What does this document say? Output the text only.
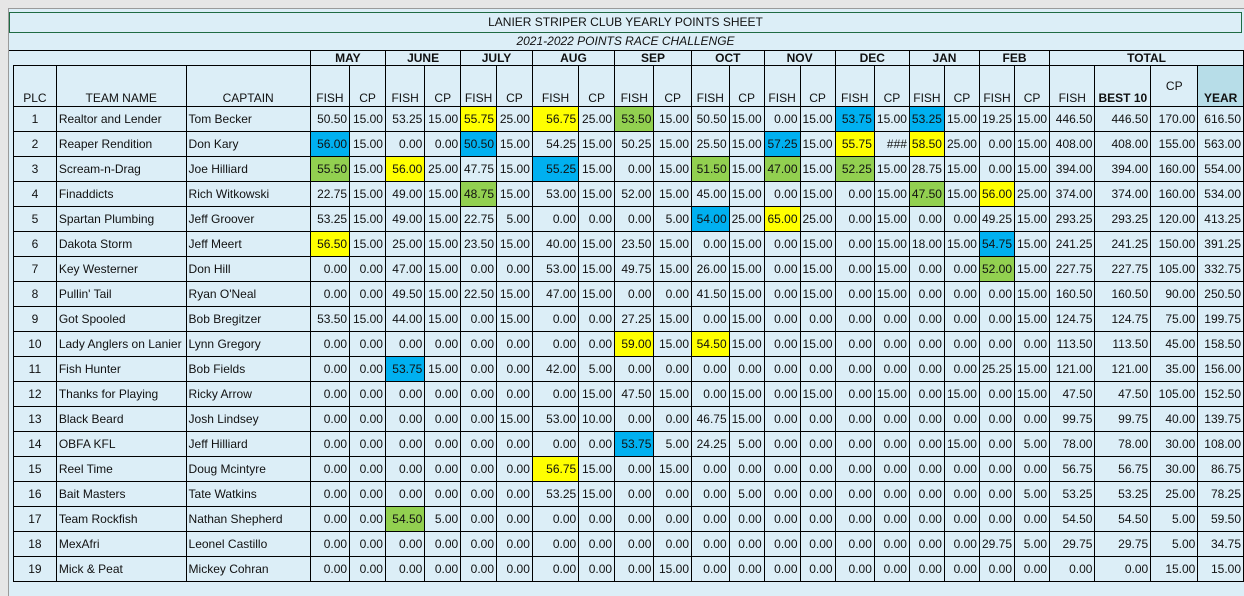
LANIER STRIPER CLUB YEARLY POINTS SHEET
2021-2022 POINTS RACE CHALLENGE
			MAY		JUNE		JULY		AUG		SEP		OCT		NOV		DEC		JAN		FEB		TOTAL			
PLC	TEAM NAME	CAPTAIN	FISH	CP	FISH	CP	FISH	CP	FISH	CP	FISH	CP	FISH	CP	FISH	CP	FISH	CP	FISH	CP	FISH	CP	FISH	BEST 10	CP	YEAR
1	Realtor and Lender	Tom Becker	50.50	15.00	53.25	15.00	55.75	25.00	56.75	25.00	53.50	15.00	50.50	15.00	0.00	15.00	53.75	15.00	53.25	15.00	19.25	15.00	446.50	446.50	170.00	616.50
2	Reaper Rendition	Don Kary	56.00	15.00	0.00	0.00	50.50	15.00	54.25	15.00	50.25	15.00	25.50	15.00	57.25	15.00	55.75	###	58.50	25.00	0.00	15.00	408.00	408.00	155.00	563.00
3	Scream-n-Drag	Joe Hilliard	55.50	15.00	56.00	25.00	47.75	15.00	55.25	15.00	0.00	15.00	51.50	15.00	47.00	15.00	52.25	15.00	28.75	15.00	0.00	15.00	394.00	394.00	160.00	554.00
4	Finaddicts	Rich Witkowski	22.75	15.00	49.00	15.00	48.75	15.00	53.00	15.00	52.00	15.00	45.00	15.00	0.00	15.00	0.00	15.00	47.50	15.00	56.00	25.00	374.00	374.00	160.00	534.00
5	Spartan Plumbing	Jeff Groover	53.25	15.00	49.00	15.00	22.75	5.00	0.00	0.00	0.00	5.00	54.00	25.00	65.00	25.00	0.00	15.00	0.00	0.00	49.25	15.00	293.25	293.25	120.00	413.25
6	Dakota Storm	Jeff Meert	56.50	15.00	25.00	15.00	23.50	15.00	40.00	15.00	23.50	15.00	0.00	15.00	0.00	15.00	0.00	15.00	18.00	15.00	54.75	15.00	241.25	241.25	150.00	391.25
7	Key Westerner	Don Hill	0.00	0.00	47.00	15.00	0.00	0.00	53.00	15.00	49.75	15.00	26.00	15.00	0.00	15.00	0.00	15.00	0.00	0.00	52.00	15.00	227.75	227.75	105.00	332.75
8	Pullin' Tail	Ryan O'Neal	0.00	0.00	49.50	15.00	22.50	15.00	47.00	15.00	0.00	0.00	41.50	15.00	0.00	15.00	0.00	15.00	0.00	0.00	0.00	15.00	160.50	160.50	90.00	250.50
9	Got Spooled	Bob Bregitzer	53.50	15.00	44.00	15.00	0.00	15.00	0.00	0.00	27.25	15.00	0.00	15.00	0.00	0.00	0.00	0.00	0.00	0.00	0.00	15.00	124.75	124.75	75.00	199.75
10	Lady Anglers on Lanier	Lynn Gregory	0.00	0.00	0.00	0.00	0.00	0.00	0.00	0.00	59.00	15.00	54.50	15.00	0.00	15.00	0.00	0.00	0.00	0.00	0.00	0.00	113.50	113.50	45.00	158.50
11	Fish Hunter	Bob Fields	0.00	0.00	53.75	15.00	0.00	0.00	42.00	5.00	0.00	0.00	0.00	0.00	0.00	0.00	0.00	0.00	0.00	0.00	25.25	15.00	121.00	121.00	35.00	156.00
12	Thanks for Playing	Ricky Arrow	0.00	0.00	0.00	0.00	0.00	0.00	0.00	15.00	47.50	15.00	0.00	15.00	0.00	15.00	0.00	15.00	0.00	15.00	0.00	15.00	47.50	47.50	105.00	152.50
13	Black Beard	Josh Lindsey	0.00	0.00	0.00	0.00	0.00	15.00	53.00	10.00	0.00	0.00	46.75	15.00	0.00	0.00	0.00	0.00	0.00	0.00	0.00	0.00	99.75	99.75	40.00	139.75
14	OBFA KFL	Jeff Hilliard	0.00	0.00	0.00	0.00	0.00	0.00	0.00	0.00	53.75	5.00	24.25	5.00	0.00	0.00	0.00	0.00	0.00	15.00	0.00	5.00	78.00	78.00	30.00	108.00
15	Reel Time	Doug Mcintyre	0.00	0.00	0.00	0.00	0.00	0.00	56.75	15.00	0.00	15.00	0.00	0.00	0.00	0.00	0.00	0.00	0.00	0.00	0.00	0.00	56.75	56.75	30.00	86.75
16	Bait Masters	Tate Watkins	0.00	0.00	0.00	0.00	0.00	0.00	53.25	15.00	0.00	0.00	0.00	5.00	0.00	0.00	0.00	0.00	0.00	0.00	0.00	5.00	53.25	53.25	25.00	78.25
17	Team Rockfish	Nathan Shepherd	0.00	0.00	54.50	5.00	0.00	0.00	0.00	0.00	0.00	0.00	0.00	0.00	0.00	0.00	0.00	0.00	0.00	0.00	0.00	0.00	54.50	54.50	5.00	59.50
18	MexAfri	Leonel Castillo	0.00	0.00	0.00	0.00	0.00	0.00	0.00	0.00	0.00	0.00	0.00	0.00	0.00	0.00	0.00	0.00	0.00	0.00	29.75	5.00	29.75	29.75	5.00	34.75
19	Mick & Peat	Mickey Cohran	0.00	0.00	0.00	0.00	0.00	0.00	0.00	0.00	0.00	15.00	0.00	0.00	0.00	0.00	0.00	0.00	0.00	0.00	0.00	0.00	0.00	0.00	15.00	15.00
